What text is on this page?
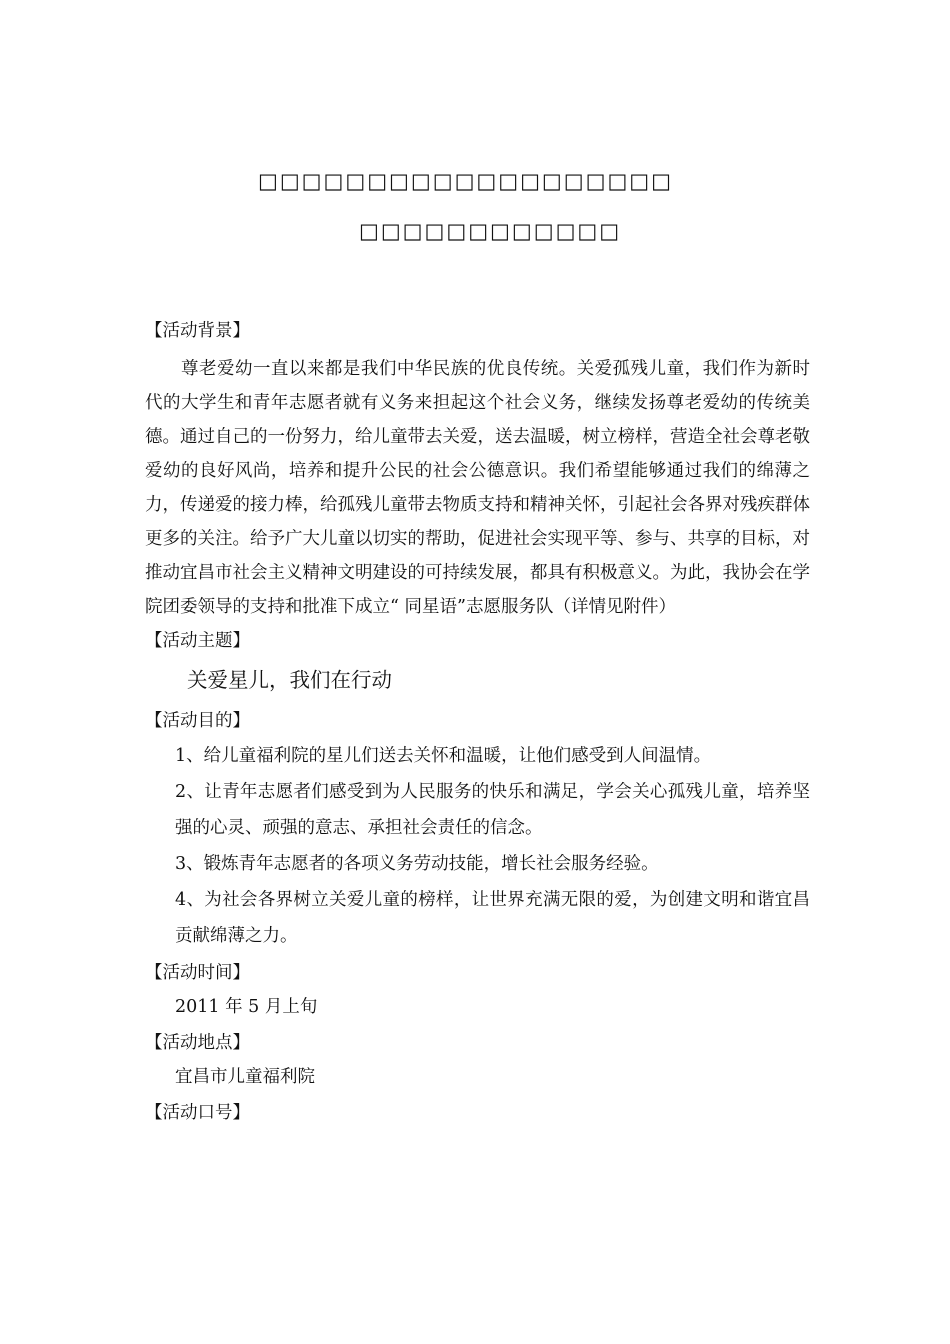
□□□□□□□□□□□□□□□□□□□
□□□□□□□□□□□□
【活动背景】

尊老爱幼一直以来都是我们中华民族的优良传统。关爱孤残儿童，我们作为新时代的大学生和青年志愿者就有义务来担起这个社会义务，继续发扬尊老爱幼的传统美德。通过自己的一份努力，给儿童带去关爱，送去温暖，树立榜样，营造全社会尊老敬爱幼的良好风尚，培养和提升公民的社会公德意识。我们希望能够通过我们的绵薄之力，传递爱的接力棒，给孤残儿童带去物质支持和精神关怀，引起社会各界对残疾群体更多的关注。给予广大儿童以切实的帮助，促进社会实现平等、参与、共享的目标，对推动宜昌市社会主义精神文明建设的可持续发展，都具有积极意义。为此，我协会在学院团委领导的支持和批准下成立“ 同星语”志愿服务队（详情见附件）

【活动主题】
关爱星儿，我们在行动
【活动目的】
1、给儿童福利院的星儿们送去关怀和温暖，让他们感受到人间温情。
2、让青年志愿者们感受到为人民服务的快乐和满足，学会关心孤残儿童，培养坚强的心灵、顽强的意志、承担社会责任的信念。
3、锻炼青年志愿者的各项义务劳动技能，增长社会服务经验。
4、为社会各界树立关爱儿童的榜样，让世界充满无限的爱，为创建文明和谐宜昌贡献绵薄之力。
【活动时间】
2011 年 5 月上旬
【活动地点】
宜昌市儿童福利院
【活动口号】
